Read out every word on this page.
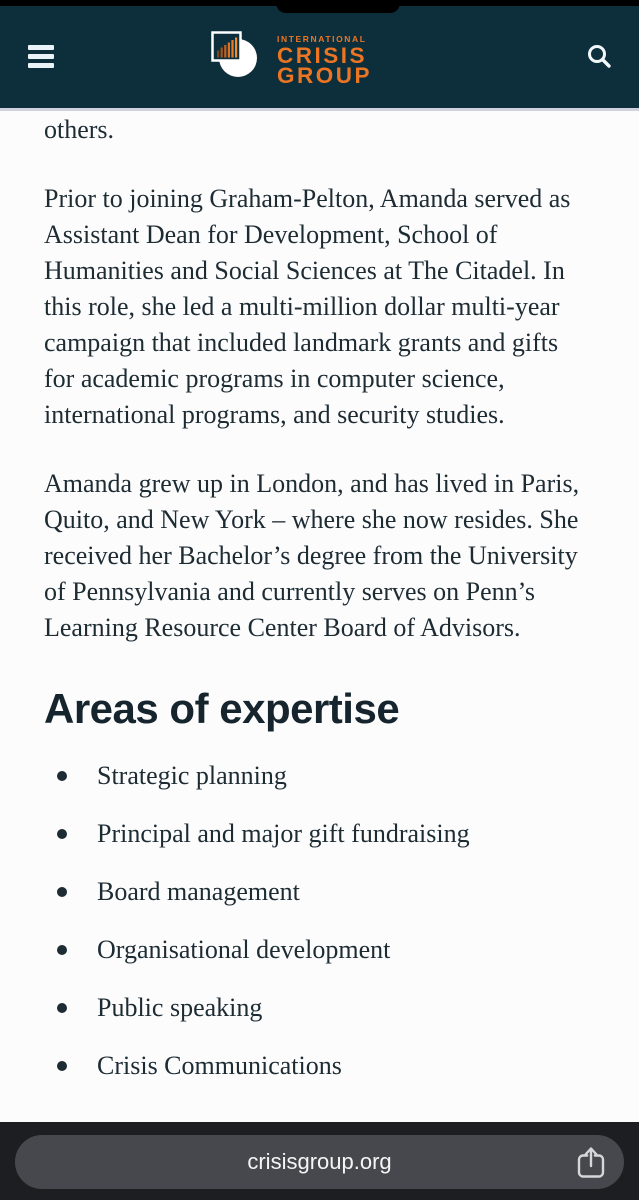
INTERNATIONAL
CRISIS
GROUP

others.

Prior to joining Graham-Pelton, Amanda served as
Assistant Dean for Development, School of
Humanities and Social Sciences at The Citadel. In
this role, she led a multi-million dollar multi-year
campaign that included landmark grants and gifts
for academic programs in computer science,
international programs, and security studies.

Amanda grew up in London, and has lived in Paris,
Quito, and New York – where she now resides. She
received her Bachelor’s degree from the University
of Pennsylvania and currently serves on Penn’s
Learning Resource Center Board of Advisors.

Areas of expertise
Strategic planning
Principal and major gift fundraising
Board management
Organisational development
Public speaking
Crisis Communications
crisisgroup.org
